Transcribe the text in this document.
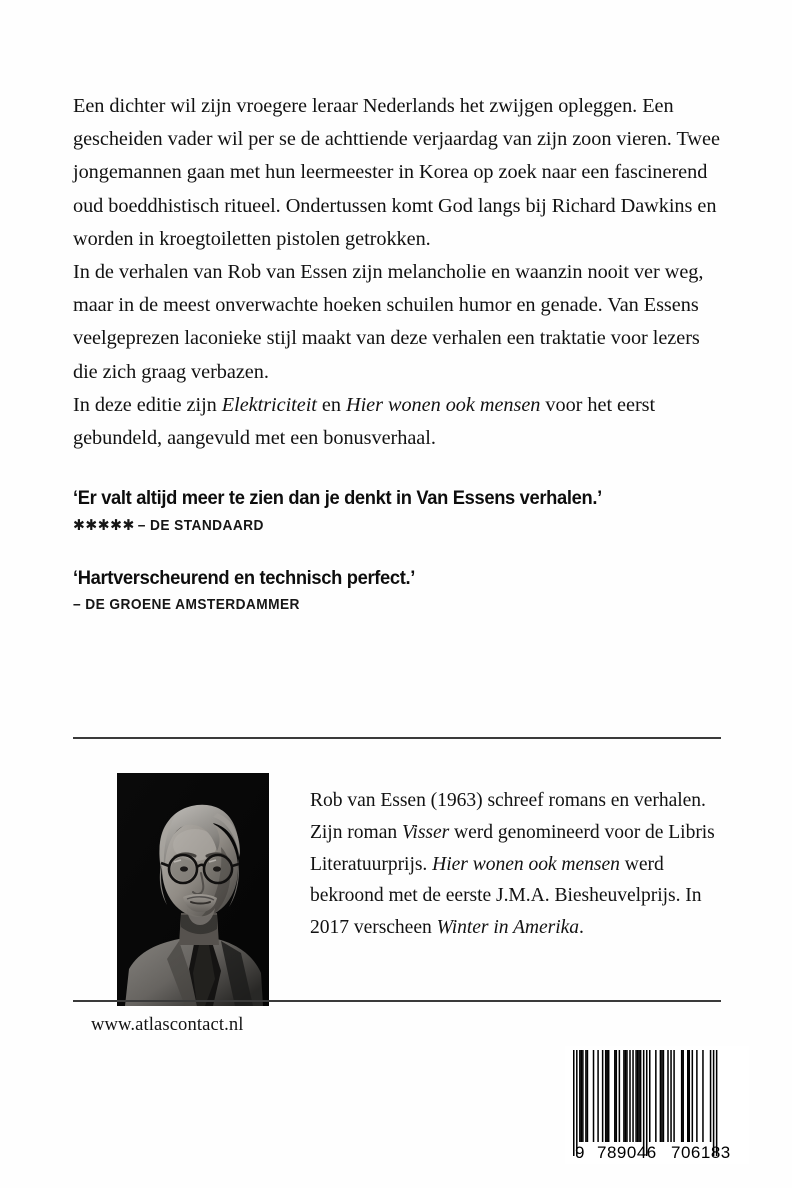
Een dichter wil zijn vroegere leraar Nederlands het zwijgen opleggen. Een gescheiden vader wil per se de achttiende verjaardag van zijn zoon vieren. Twee jongemannen gaan met hun leermeester in Korea op zoek naar een fascinerend oud boeddhistisch ritueel. Ondertussen komt God langs bij Richard Dawkins en worden in kroegtoiletten pistolen getrokken.

In de verhalen van Rob van Essen zijn melancholie en waanzin nooit ver weg, maar in de meest onverwachte hoeken schuilen humor en genade. Van Essens veelgeprezen laconieke stijl maakt van deze verhalen een traktatie voor lezers die zich graag verbazen.

In deze editie zijn Elektriciteit en Hier wonen ook mensen voor het eerst gebundeld, aangevuld met een bonusverhaal.

‘Er valt altijd meer te zien dan je denkt in Van Essens verhalen.’

✱✱✱✱✱ – DE STANDAARD

‘Hartverscheurend en technisch perfect.’

– DE GROENE AMSTERDAMMER

Rob van Essen (1963) schreef romans en verhalen. Zijn roman Visser werd genomineerd voor de Libris Literatuurprijs. Hier wonen ook mensen werd bekroond met de eerste J.M.A. Biesheuvelprijs. In 2017 verscheen Winter in Amerika.

www.atlascontact.nl
9 789046 706183
